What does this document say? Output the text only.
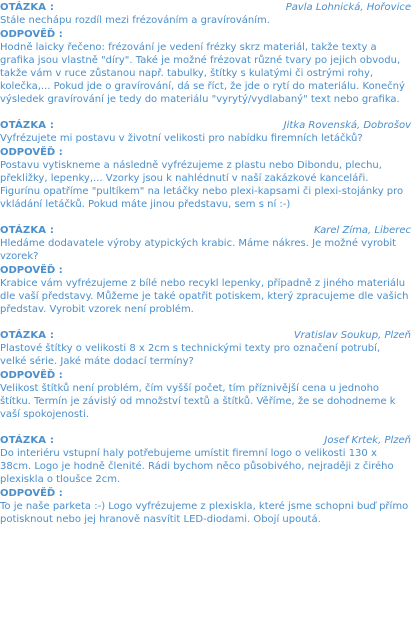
OTÁZKA :	Pavla Lohnická, Hořovice
Stále nechápu rozdíl mezi frézováním a gravírováním.
ODPOVĚĎ :
Hodně laicky řečeno: frézování je vedení frézky skrz materiál, takže texty a grafika jsou vlastně "díry". Také je možné frézovat různé tvary po jejich obvodu, takže vám v ruce zůstanou např. tabulky, štítky s kulatými či ostrými rohy, kolečka,... Pokud jde o gravírování, dá se říct, že jde o rytí do materiálu. Konečný výsledek gravírování je tedy do materiálu "vyrytý/vydlabaný" text nebo grafika.
OTÁZKA :	Jitka Rovenská, Dobrošov
Vyfrézujete mi postavu v životní velikosti pro nabídku firemních letáčků?
ODPOVĚĎ :
Postavu vytiskneme a následně vyfrézujeme z plastu nebo Dibondu, plechu, překližky, lepenky,... Vzorky jsou k nahlédnutí v naší zakázkové kanceláři. Figurínu opatříme "pultíkem" na letáčky nebo plexi-kapsami či plexi-stojánky pro vkládání letáčků. Pokud máte jinou představu, sem s ní :-)
OTÁZKA :	Karel Zíma, Liberec
Hledáme dodavatele výroby atypických krabic. Máme nákres. Je možné vyrobit vzorek?
ODPOVĚĎ :
Krabice vám vyfrézujeme z bílé nebo recykl lepenky, případně z jiného materiálu dle vaší představy. Můžeme je také opatřit potiskem, který zpracujeme dle vašich představ. Vyrobit vzorek není problém.
OTÁZKA :	Vratislav Soukup, Plzeň
Plastové štítky o velikosti 8 x 2cm s technickými texty pro označení potrubí, velké série. Jaké máte dodací termíny?
ODPOVĚĎ :
Velikost štítků není problém, čím vyšší počet, tím příznivější cena u jednoho štítku. Termín je závislý od množství textů a štítků. Věříme, že se dohodneme k vaší spokojenosti.
OTÁZKA :	Josef Krtek, Plzeň
Do interiéru vstupní haly potřebujeme umístit firemní logo o velikosti 130 x 38cm. Logo je hodně členité. Rádi bychom něco působivého, nejraději z čirého plexiskla o tloušce 2cm.
ODPOVĚĎ :
To je naše parketa :-) Logo vyfrézujeme z plexiskla, které jsme schopni buď přímo potisknout nebo jej hranově nasvítit LED-diodami. Obojí upoutá.
